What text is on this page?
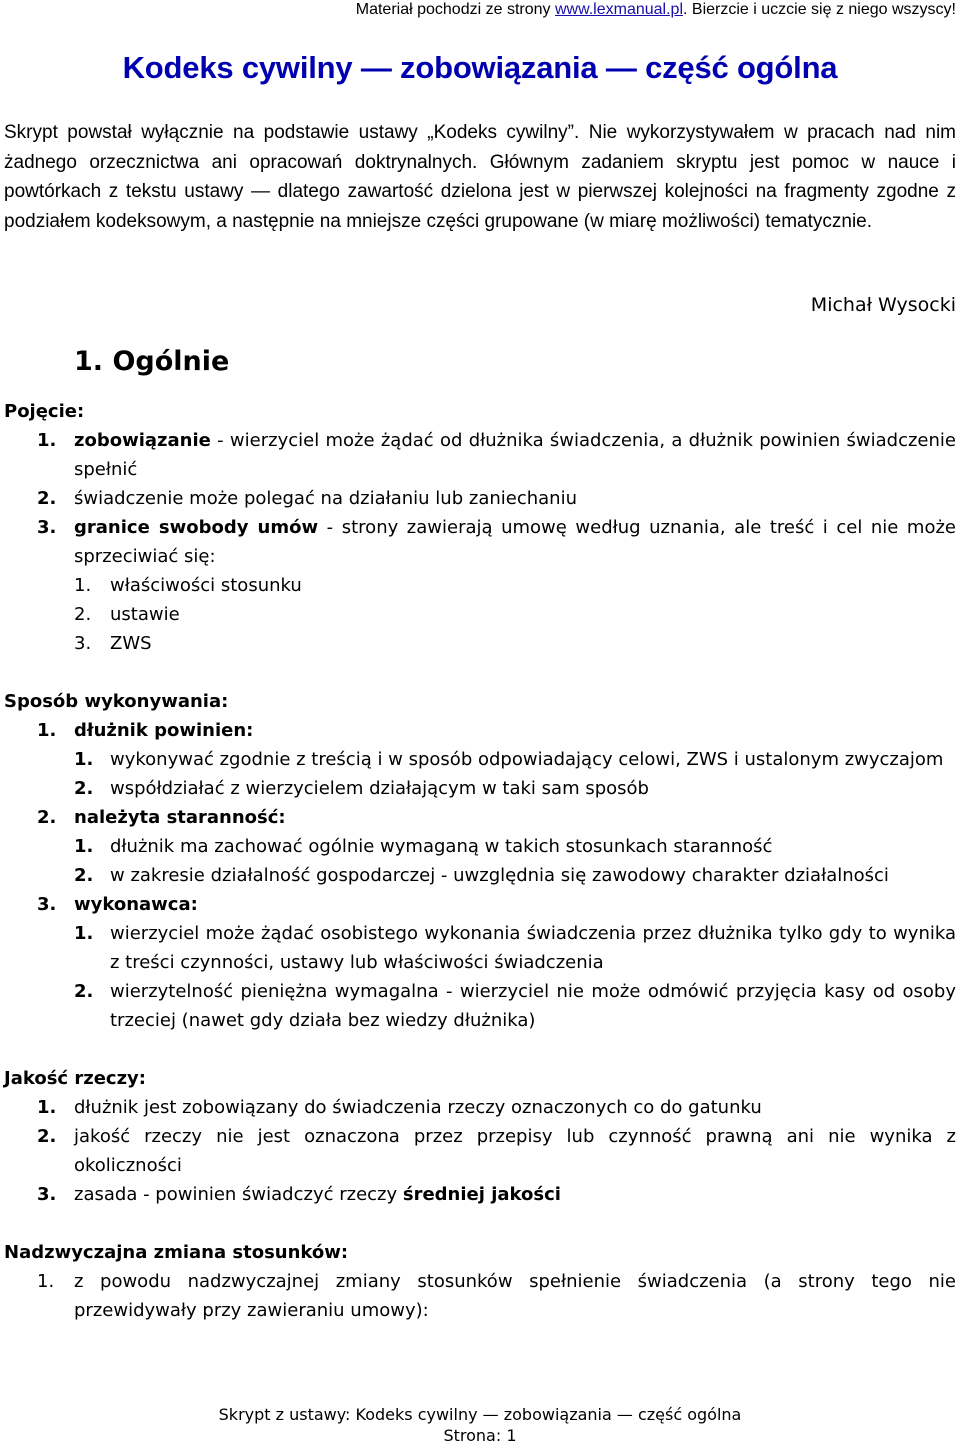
Materiał pochodzi ze strony www.lexmanual.pl. Bierzcie i uczcie się z niego wszyscy!
Kodeks cywilny — zobowiązania — część ogólna

Skrypt powstał wyłącznie na podstawie ustawy „Kodeks cywilny”. Nie wykorzystywałem w pracach nad nim żadnego orzecznictwa ani opracowań doktrynalnych. Głównym zadaniem skryptu jest pomoc w nauce i powtórkach z tekstu ustawy — dlatego zawartość dzielona jest w pierwszej kolejności na fragmenty zgodne z podziałem kodeksowym, a następnie na mniejsze części grupowane (w miarę możliwości) tematycznie.

Michał Wysocki
1. Ogólnie

Pojęcie:

1. zobowiązanie - wierzyciel może żądać od dłużnika świadczenia, a dłużnik powinien świadczenie spełnić
2. świadczenie może polegać na działaniu lub zaniechaniu
3. granice swobody umów - strony zawierają umowę według uznania, ale treść i cel nie może sprzeciwiać się:
1. właściwości stosunku
2. ustawie
3. ZWS

Sposób wykonywania:

1. dłużnik powinien:
1. wykonywać zgodnie z treścią i w sposób odpowiadający celowi, ZWS i ustalonym zwyczajom
2. współdziałać z wierzycielem działającym w taki sam sposób
2. należyta staranność:
1. dłużnik ma zachować ogólnie wymaganą w takich stosunkach staranność
2. w zakresie działalność gospodarczej - uwzględnia się zawodowy charakter działalności
3. wykonawca:
1. wierzyciel może żądać osobistego wykonania świadczenia przez dłużnika tylko gdy to wynika z treści czynności, ustawy lub właściwości świadczenia
2. wierzytelność pieniężna wymagalna - wierzyciel nie może odmówić przyjęcia kasy od osoby trzeciej (nawet gdy działa bez wiedzy dłużnika)

Jakość rzeczy:

1. dłużnik jest zobowiązany do świadczenia rzeczy oznaczonych co do gatunku
2. jakość rzeczy nie jest oznaczona przez przepisy lub czynność prawną ani nie wynika z okoliczności
3. zasada - powinien świadczyć rzeczy średniej jakości

Nadzwyczajna zmiana stosunków:

1. z powodu nadzwyczajnej zmiany stosunków spełnienie świadczenia (a strony tego nie przewidywały przy zawieraniu umowy):
Skrypt z ustawy: Kodeks cywilny — zobowiązania — część ogólna
Strona: 1
